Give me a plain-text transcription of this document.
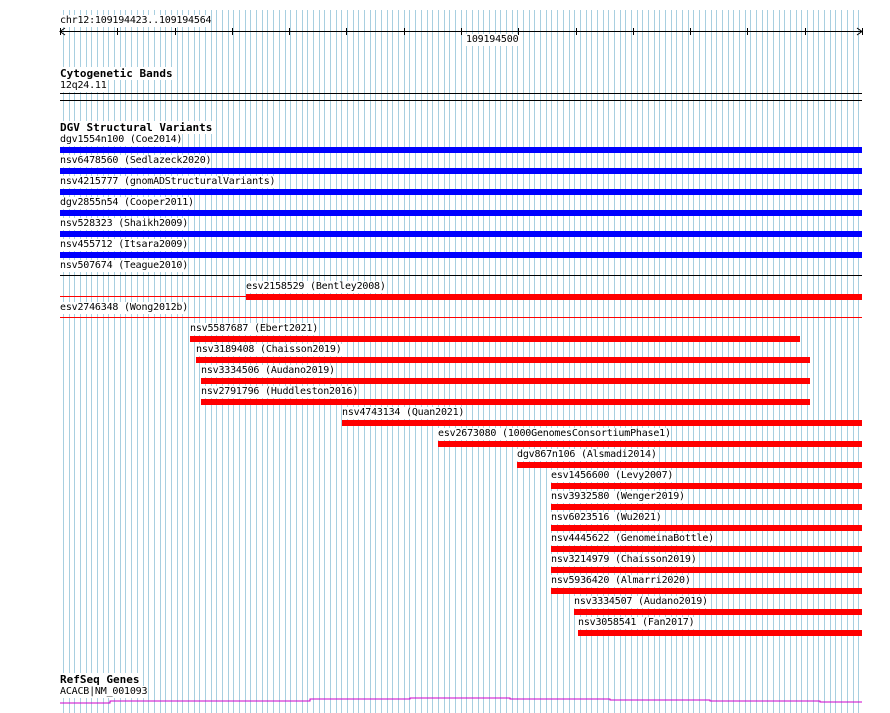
chr12:109194423..109194564
109194500
Cytogenetic Bands
12q24.11
DGV Structural Variants
dgv1554n100 (Coe2014)
nsv6478560 (Sedlazeck2020)
nsv4215777 (gnomADStructuralVariants)
dgv2855n54 (Cooper2011)
nsv528323 (Shaikh2009)
nsv455712 (Itsara2009)
nsv507674 (Teague2010)
esv2158529 (Bentley2008)
esv2746348 (Wong2012b)
nsv5587687 (Ebert2021)
nsv3189408 (Chaisson2019)
nsv3334506 (Audano2019)
nsv2791796 (Huddleston2016)
nsv4743134 (Quan2021)
esv2673080 (1000GenomesConsortiumPhase1)
dgv867n106 (Alsmadi2014)
esv1456600 (Levy2007)
nsv3932580 (Wenger2019)
nsv6023516 (Wu2021)
nsv4445622 (GenomeinaBottle)
nsv3214979 (Chaisson2019)
nsv5936420 (Almarri2020)
nsv3334507 (Audano2019)
nsv3058541 (Fan2017)
RefSeq Genes
ACACB|NM_001093
